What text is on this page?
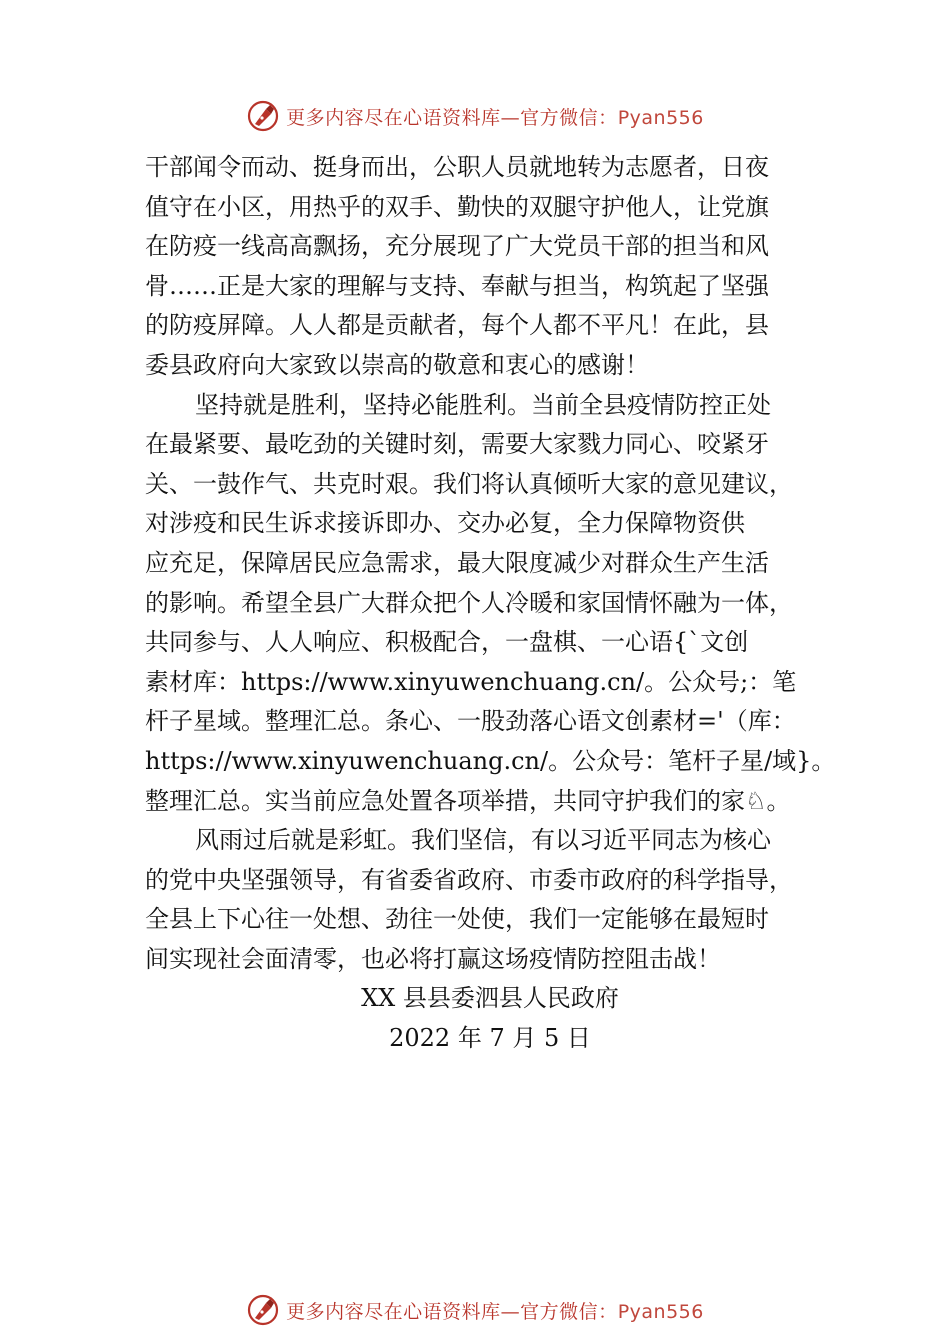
更多内容尽在心语资料库—官方微信：Pyan556
干部闻令而动、挺身而出，公职人员就地转为志愿者，日夜
值守在小区，用热乎的双手、勤快的双腿守护他人，让党旗
在防疫一线高高飘扬，充分展现了广大党员干部的担当和风
骨……正是大家的理解与支持、奉献与担当，构筑起了坚强
的防疫屏障。人人都是贡献者，每个人都不平凡！在此，县
委县政府向大家致以崇高的敬意和衷心的感谢！
坚持就是胜利，坚持必能胜利。当前全县疫情防控正处
在最紧要、最吃劲的关键时刻，需要大家戮力同心、咬紧牙
关、一鼓作气、共克时艰。我们将认真倾听大家的意见建议，
对涉疫和民生诉求接诉即办、交办必复，全力保障物资供
应充足，保障居民应急需求，最大限度减少对群众生产生活
的影响。希望全县广大群众把个人冷暖和家国情怀融为一体，
共同参与、人人响应、积极配合，一盘棋、一心语{`文创
素材库：https://www.xinyuwenchuang.cn/。公众号;：笔
杆子星域。整理汇总。条心、一股劲落心语文创素材='（库：
https://www.xinyuwenchuang.cn/。公众号：笔杆子星/域}。
整理汇总。实当前应急处置各项举措，共同守护我们的家♘。
风雨过后就是彩虹。我们坚信，有以习近平同志为核心
的党中央坚强领导，有省委省政府、市委市政府的科学指导，
全县上下心往一处想、劲往一处使，我们一定能够在最短时
间实现社会面清零，也必将打赢这场疫情防控阻击战！
XX 县县委泗县人民政府
2022 年 7 月 5 日
更多内容尽在心语资料库—官方微信：Pyan556
